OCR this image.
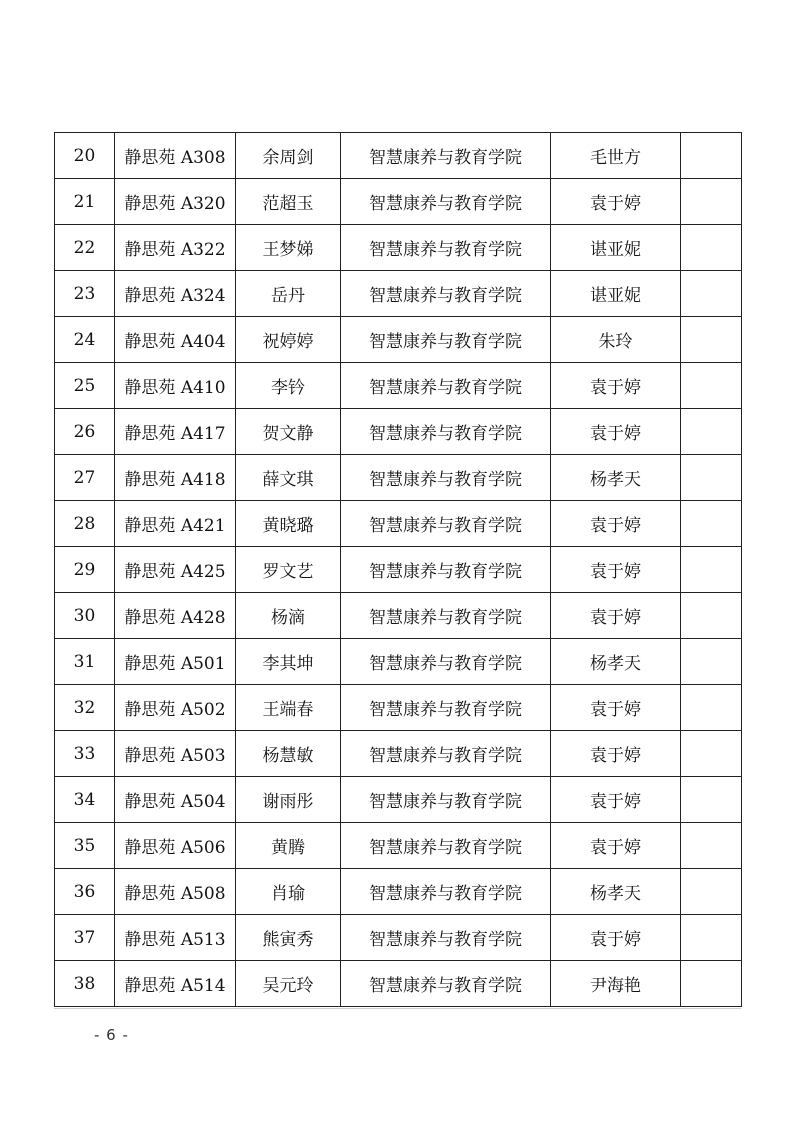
20	静思苑 A308	余周剑	智慧康养与教育学院	毛世方	
21	静思苑 A320	范超玉	智慧康养与教育学院	袁于婷	
22	静思苑 A322	王梦娣	智慧康养与教育学院	谌亚妮	
23	静思苑 A324	岳丹	智慧康养与教育学院	谌亚妮	
24	静思苑 A404	祝婷婷	智慧康养与教育学院	朱玲	
25	静思苑 A410	李钤	智慧康养与教育学院	袁于婷	
26	静思苑 A417	贺文静	智慧康养与教育学院	袁于婷	
27	静思苑 A418	薛文琪	智慧康养与教育学院	杨孝天	
28	静思苑 A421	黄晓璐	智慧康养与教育学院	袁于婷	
29	静思苑 A425	罗文艺	智慧康养与教育学院	袁于婷	
30	静思苑 A428	杨滴	智慧康养与教育学院	袁于婷	
31	静思苑 A501	李其坤	智慧康养与教育学院	杨孝天	
32	静思苑 A502	王端春	智慧康养与教育学院	袁于婷	
33	静思苑 A503	杨慧敏	智慧康养与教育学院	袁于婷	
34	静思苑 A504	谢雨彤	智慧康养与教育学院	袁于婷	
35	静思苑 A506	黄腾	智慧康养与教育学院	袁于婷	
36	静思苑 A508	肖瑜	智慧康养与教育学院	杨孝天	
37	静思苑 A513	熊寅秀	智慧康养与教育学院	袁于婷	
38	静思苑 A514	吴元玲	智慧康养与教育学院	尹海艳	
- 6 -
